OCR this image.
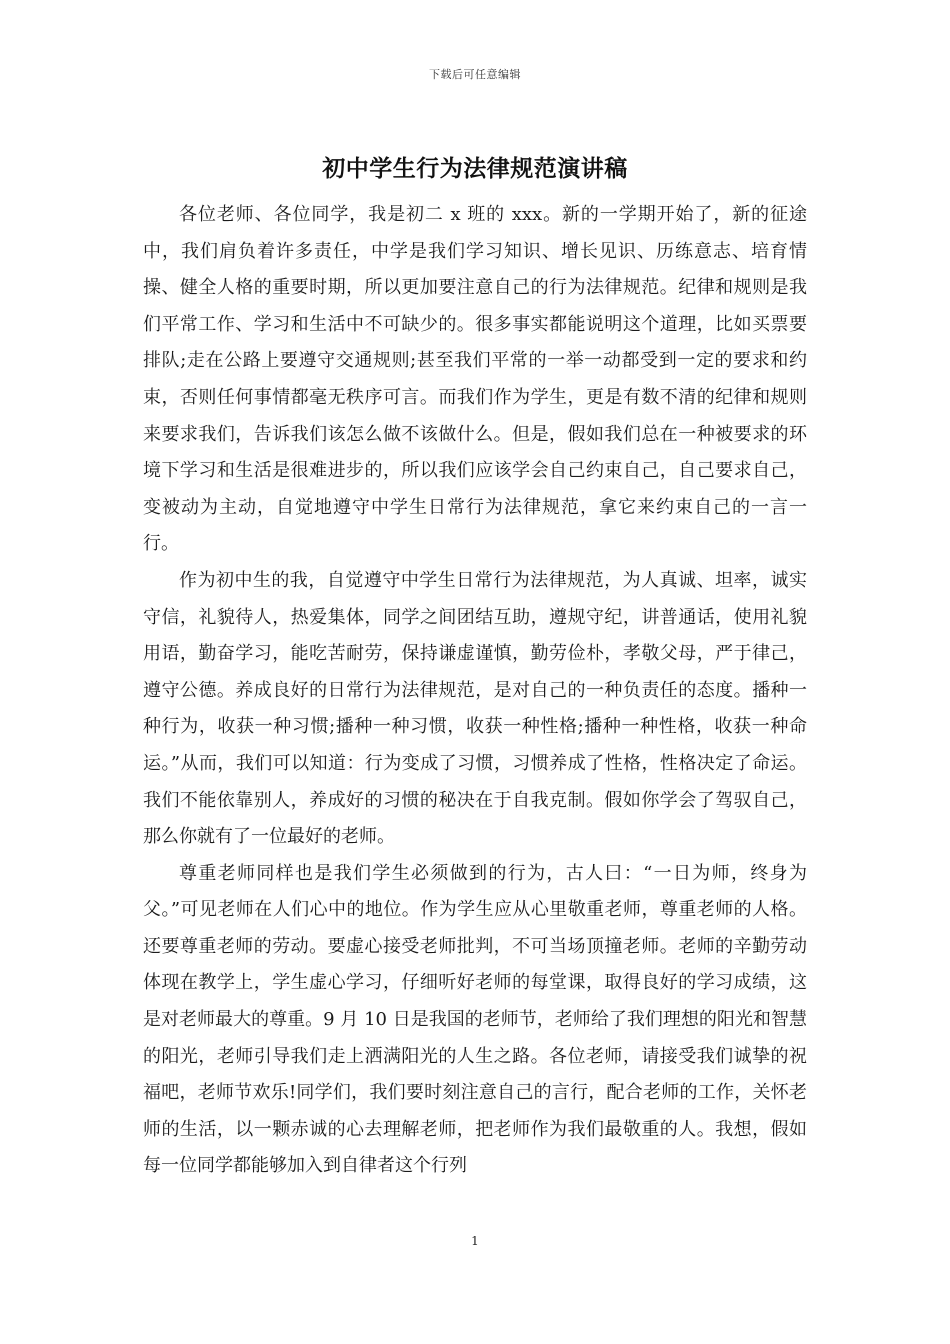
下载后可任意编辑
初中学生行为法律规范演讲稿

各位老师、各位同学，我是初二 x 班的 xxx。新的一学期开始了，新的征途中，我们肩负着许多责任，中学是我们学习知识、增长见识、历练意志、培育情操、健全人格的重要时期，所以更加要注意自己的行为法律规范。纪律和规则是我们平常工作、学习和生活中不可缺少的。很多事实都能说明这个道理，比如买票要排队;走在公路上要遵守交通规则;甚至我们平常的一举一动都受到一定的要求和约束，否则任何事情都毫无秩序可言。而我们作为学生，更是有数不清的纪律和规则来要求我们，告诉我们该怎么做不该做什么。但是，假如我们总在一种被要求的环境下学习和生活是很难进步的，所以我们应该学会自己约束自己，自己要求自己，变被动为主动，自觉地遵守中学生日常行为法律规范，拿它来约束自己的一言一行。

作为初中生的我，自觉遵守中学生日常行为法律规范，为人真诚、坦率，诚实守信，礼貌待人，热爱集体，同学之间团结互助，遵规守纪，讲普通话，使用礼貌用语，勤奋学习，能吃苦耐劳，保持谦虚谨慎，勤劳俭朴，孝敬父母，严于律己，遵守公德。养成良好的日常行为法律规范，是对自己的一种负责任的态度。播种一种行为，收获一种习惯;播种一种习惯，收获一种性格;播种一种性格，收获一种命运。”从而，我们可以知道：行为变成了习惯，习惯养成了性格，性格决定了命运。我们不能依靠别人，养成好的习惯的秘决在于自我克制。假如你学会了驾驭自己，那么你就有了一位最好的老师。

尊重老师同样也是我们学生必须做到的行为，古人曰：“一日为师，终身为父。”可见老师在人们心中的地位。作为学生应从心里敬重老师，尊重老师的人格。还要尊重老师的劳动。要虚心接受老师批判，不可当场顶撞老师。老师的辛勤劳动体现在教学上，学生虚心学习，仔细听好老师的每堂课，取得良好的学习成绩，这是对老师最大的尊重。9 月 10 日是我国的老师节，老师给了我们理想的阳光和智慧的阳光，老师引导我们走上洒满阳光的人生之路。各位老师，请接受我们诚挚的祝福吧，老师节欢乐!同学们，我们要时刻注意自己的言行，配合老师的工作，关怀老师的生活，以一颗赤诚的心去理解老师，把老师作为我们最敬重的人。我想，假如每一位同学都能够加入到自律者这个行列

1
